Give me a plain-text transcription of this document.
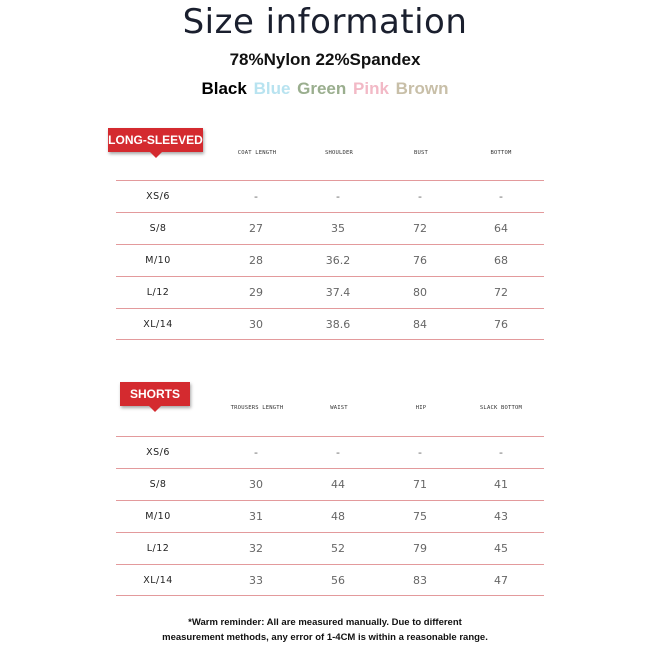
Size information
78%Nylon 22%Spandex
Black Blue Green Pink Brown
LONG-SLEEVED
COAT LENGTH	SHOULDER	BUST	BOTTOM
XS/6	-	-	-	-
S/8	27	35	72	64
M/10	28	36.2	76	68
L/12	29	37.4	80	72
XL/14	30	38.6	84	76
SHORTS
TROUSERS LENGTH	WAIST	HIP	SLACK BOTTOM
XS/6	-	-	-	-
S/8	30	44	71	41
M/10	31	48	75	43
L/12	32	52	79	45
XL/14	33	56	83	47
*Warm reminder: All are measured manually. Due to different
measurement methods, any error of 1-4CM is within a reasonable range.
